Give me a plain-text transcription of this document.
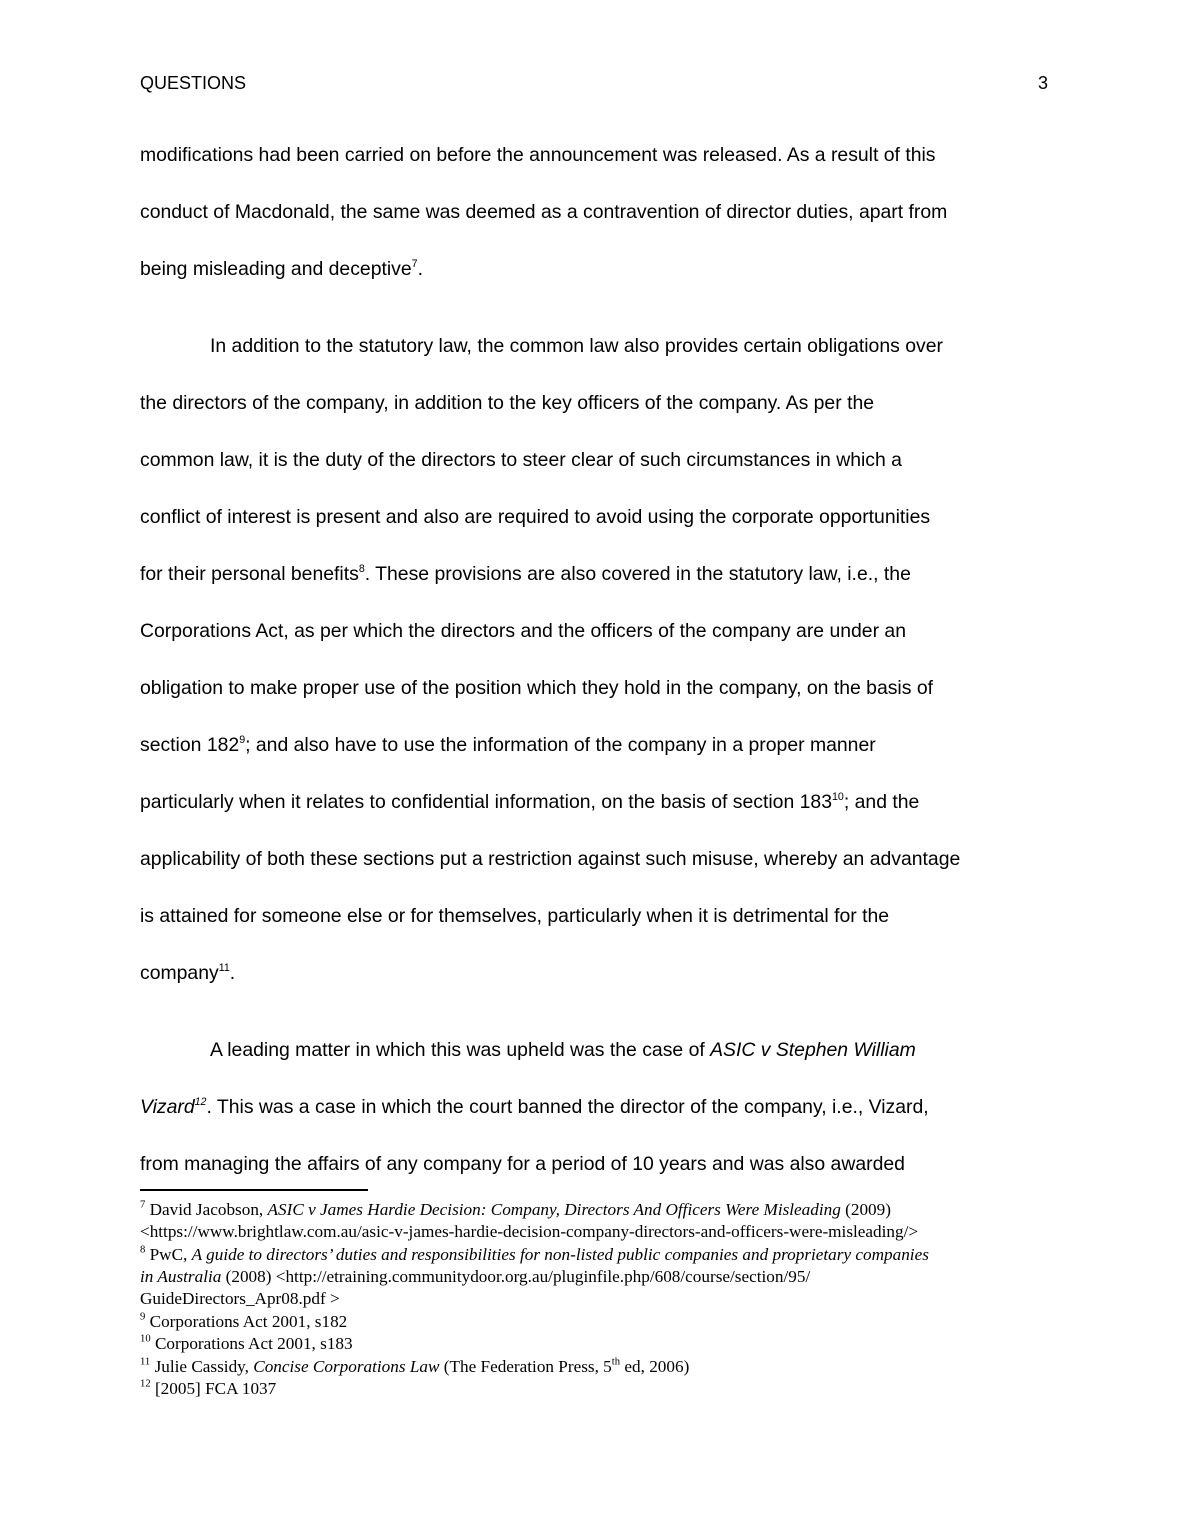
QUESTIONS	3
modifications had been carried on before the announcement was released. As a result of this
conduct of Macdonald, the same was deemed as a contravention of director duties, apart from
being misleading and deceptive$^7$.
In addition to the statutory law, the common law also provides certain obligations over
the directors of the company, in addition to the key officers of the company. As per the
common law, it is the duty of the directors to steer clear of such circumstances in which a
conflict of interest is present and also are required to avoid using the corporate opportunities
for their personal benefits$^8$. These provisions are also covered in the statutory law, i.e., the
Corporations Act, as per which the directors and the officers of the company are under an
obligation to make proper use of the position which they hold in the company, on the basis of
section $182^9$; and also have to use the information of the company in a proper manner
particularly when it relates to confidential information, on the basis of section $183^{10}$; and the
applicability of both these sections put a restriction against such misuse, whereby an advantage
is attained for someone else or for themselves, particularly when it is detrimental for the
company$^{11}$.
A leading matter in which this was upheld was the case of ASIC v Stephen William
Vizard$^{12}$. This was a case in which the court banned the director of the company, i.e., Vizard,
from managing the affairs of any company for a period of 10 years and was also awarded
$^7$ David Jacobson, ASIC v James Hardie Decision: Company, Directors And Officers Were Misleading (2009)
<https://www.brightlaw.com.au/asic-v-james-hardie-decision-company-directors-and-officers-were-misleading/>
$^8$ PwC, A guide to directors’ duties and responsibilities for non-listed public companies and proprietary companies
in Australia (2008) <http://etraining.communitydoor.org.au/pluginfile.php/608/course/section/95/
GuideDirectors_Apr08.pdf >
$^9$ Corporations Act 2001, s182
$^{10}$ Corporations Act 2001, s183
$^{11}$ Julie Cassidy, Concise Corporations Law (The Federation Press, 5th ed, 2006)
$^{12}$ [2005] FCA 1037
